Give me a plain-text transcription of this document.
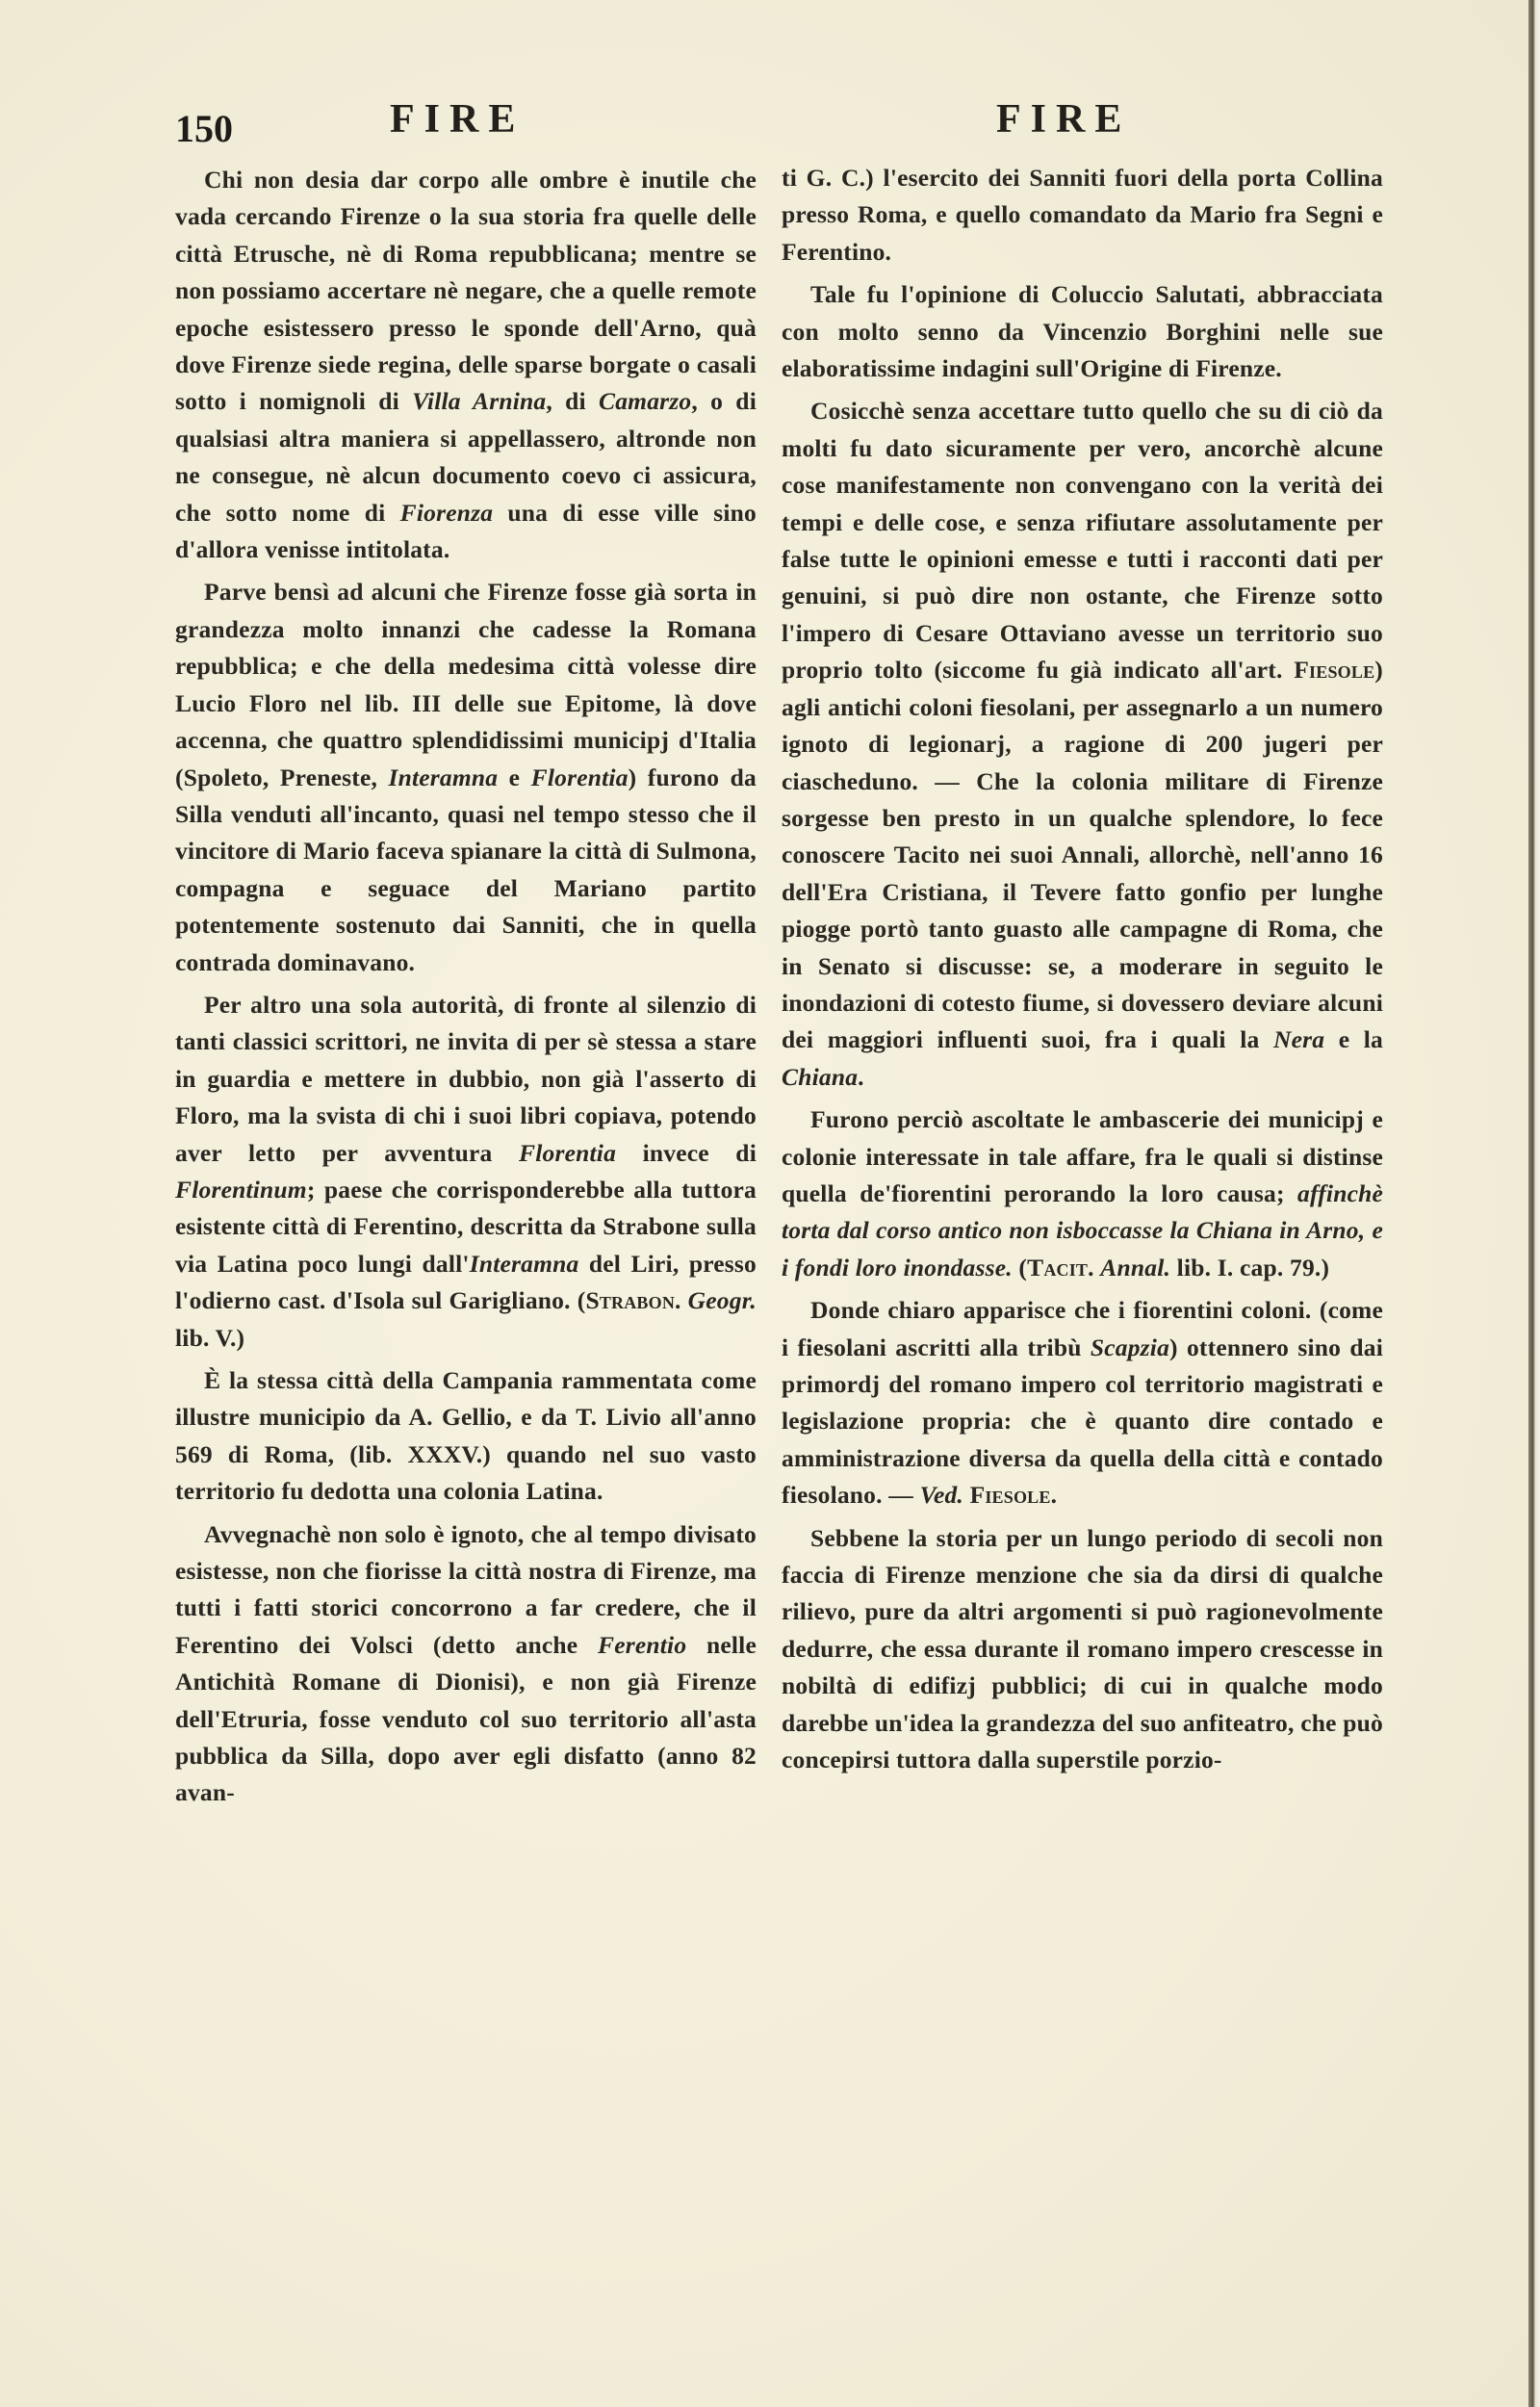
150	FIRE	FIRE

Chi non desia dar corpo alle ombre è inutile che vada cercando Firenze o la sua storia fra quelle delle città Etrusche, nè di Roma repubblicana; mentre se non possiamo accertare nè negare, che a quelle remote epoche esistessero presso le sponde dell'Arno, quà dove Firenze siede regina, delle sparse borgate o casali sotto i nomignoli di Villa Arnina, di Camarzo, o di qualsiasi altra maniera si appellassero, altronde non ne consegue, nè alcun documento coevo ci assicura, che sotto nome di Fiorenza una di esse ville sino d'allora venisse intitolata.

Parve bensì ad alcuni che Firenze fosse già sorta in grandezza molto innanzi che cadesse la Romana repubblica; e che della medesima città volesse dire Lucio Floro nel lib. III delle sue Epitome, là dove accenna, che quattro splendidissimi municipj d'Italia (Spoleto, Preneste, Interamna e Florentia) furono da Silla venduti all'incanto, quasi nel tempo stesso che il vincitore di Mario faceva spianare la città di Sulmona, compagna e seguace del Mariano partito potentemente sostenuto dai Sanniti, che in quella contrada dominavano.

Per altro una sola autorità, di fronte al silenzio di tanti classici scrittori, ne invita di per sè stessa a stare in guardia e mettere in dubbio, non già l'asserto di Floro, ma la svista di chi i suoi libri copiava, potendo aver letto per avventura Florentia invece di Florentinum; paese che corrisponderebbe alla tuttora esistente città di Ferentino, descritta da Strabone sulla via Latina poco lungi dall'Interamna del Liri, presso l'odierno cast. d'Isola sul Garigliano. (Strabon. Geogr. lib. V.)

È la stessa città della Campania rammentata come illustre municipio da A. Gellio, e da T. Livio all'anno 569 di Roma, (lib. XXXV.) quando nel suo vasto territorio fu dedotta una colonia Latina.

Avvegnachè non solo è ignoto, che al tempo divisato esistesse, non che fiorisse la città nostra di Firenze, ma tutti i fatti storici concorrono a far credere, che il Ferentino dei Volsci (detto anche Ferentio nelle Antichità Romane di Dionisi), e non già Firenze dell'Etruria, fosse venduto col suo territorio all'asta pubblica da Silla, dopo aver egli disfatto (anno 82 avan-

ti G. C.) l'esercito dei Sanniti fuori della porta Collina presso Roma, e quello comandato da Mario fra Segni e Ferentino.

Tale fu l'opinione di Coluccio Salutati, abbracciata con molto senno da Vincenzio Borghini nelle sue elaboratissime indagini sull'Origine di Firenze.

Cosicchè senza accettare tutto quello che su di ciò da molti fu dato sicuramente per vero, ancorchè alcune cose manifestamente non convengano con la verità dei tempi e delle cose, e senza rifiutare assolutamente per false tutte le opinioni emesse e tutti i racconti dati per genuini, si può dire non ostante, che Firenze sotto l'impero di Cesare Ottaviano avesse un territorio suo proprio tolto (siccome fu già indicato all'art. Fiesole) agli antichi coloni fiesolani, per assegnarlo a un numero ignoto di legionarj, a ragione di 200 jugeri per ciascheduno. — Che la colonia militare di Firenze sorgesse ben presto in un qualche splendore, lo fece conoscere Tacito nei suoi Annali, allorchè, nell'anno 16 dell'Era Cristiana, il Tevere fatto gonfio per lunghe piogge portò tanto guasto alle campagne di Roma, che in Senato si discusse: se, a moderare in seguito le inondazioni di cotesto fiume, si dovessero deviare alcuni dei maggiori influenti suoi, fra i quali la Nera e la Chiana.

Furono perciò ascoltate le ambascerie dei municipj e colonie interessate in tale affare, fra le quali si distinse quella de'fiorentini perorando la loro causa; affinchè torta dal corso antico non isboccasse la Chiana in Arno, e i fondi loro inondasse. (Tacit. Annal. lib. I. cap. 79.)

Donde chiaro apparisce che i fiorentini coloni. (come i fiesolani ascritti alla tribù Scapzia) ottennero sino dai primordj del romano impero col territorio magistrati e legislazione propria: che è quanto dire contado e amministrazione diversa da quella della città e contado fiesolano. — Ved. Fiesole.

Sebbene la storia per un lungo periodo di secoli non faccia di Firenze menzione che sia da dirsi di qualche rilievo, pure da altri argomenti si può ragionevolmente dedurre, che essa durante il romano impero crescesse in nobiltà di edifizj pubblici; di cui in qualche modo darebbe un'idea la grandezza del suo anfiteatro, che può concepirsi tuttora dalla superstile porzio-
